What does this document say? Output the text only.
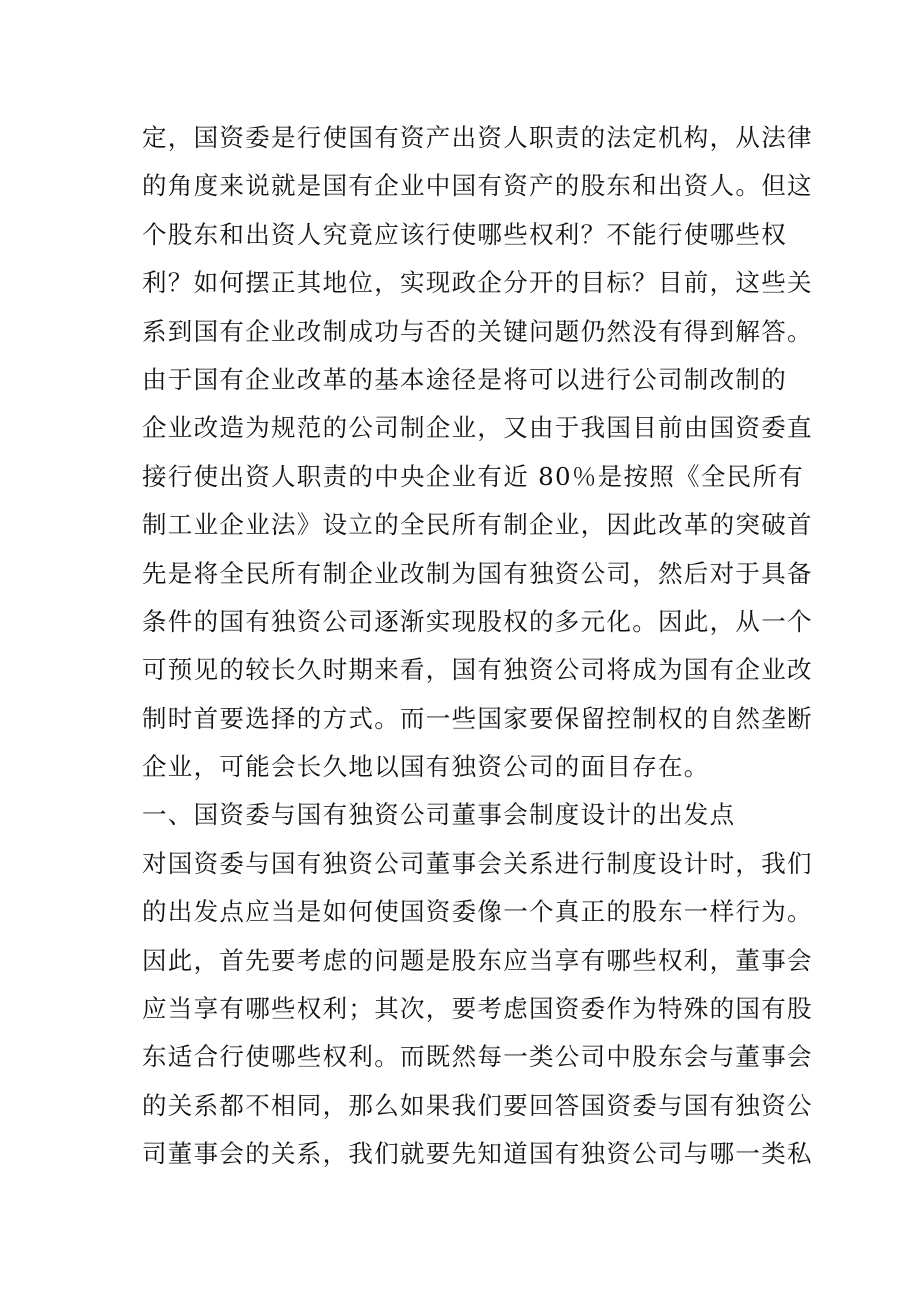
定，国资委是行使国有资产出资人职责的法定机构，从法律
的角度来说就是国有企业中国有资产的股东和出资人。但这
个股东和出资人究竟应该行使哪些权利？不能行使哪些权
利？如何摆正其地位，实现政企分开的目标？目前，这些关
系到国有企业改制成功与否的关键问题仍然没有得到解答。
由于国有企业改革的基本途径是将可以进行公司制改制的
企业改造为规范的公司制企业，又由于我国目前由国资委直
接行使出资人职责的中央企业有近 80％是按照《全民所有
制工业企业法》设立的全民所有制企业，因此改革的突破首
先是将全民所有制企业改制为国有独资公司，然后对于具备
条件的国有独资公司逐渐实现股权的多元化。因此，从一个
可预见的较长久时期来看，国有独资公司将成为国有企业改
制时首要选择的方式。而一些国家要保留控制权的自然垄断
企业，可能会长久地以国有独资公司的面目存在。
一、国资委与国有独资公司董事会制度设计的出发点
对国资委与国有独资公司董事会关系进行制度设计时，我们
的出发点应当是如何使国资委像一个真正的股东一样行为。
因此，首先要考虑的问题是股东应当享有哪些权利，董事会
应当享有哪些权利；其次，要考虑国资委作为特殊的国有股
东适合行使哪些权利。而既然每一类公司中股东会与董事会
的关系都不相同，那么如果我们要回答国资委与国有独资公
司董事会的关系，我们就要先知道国有独资公司与哪一类私
